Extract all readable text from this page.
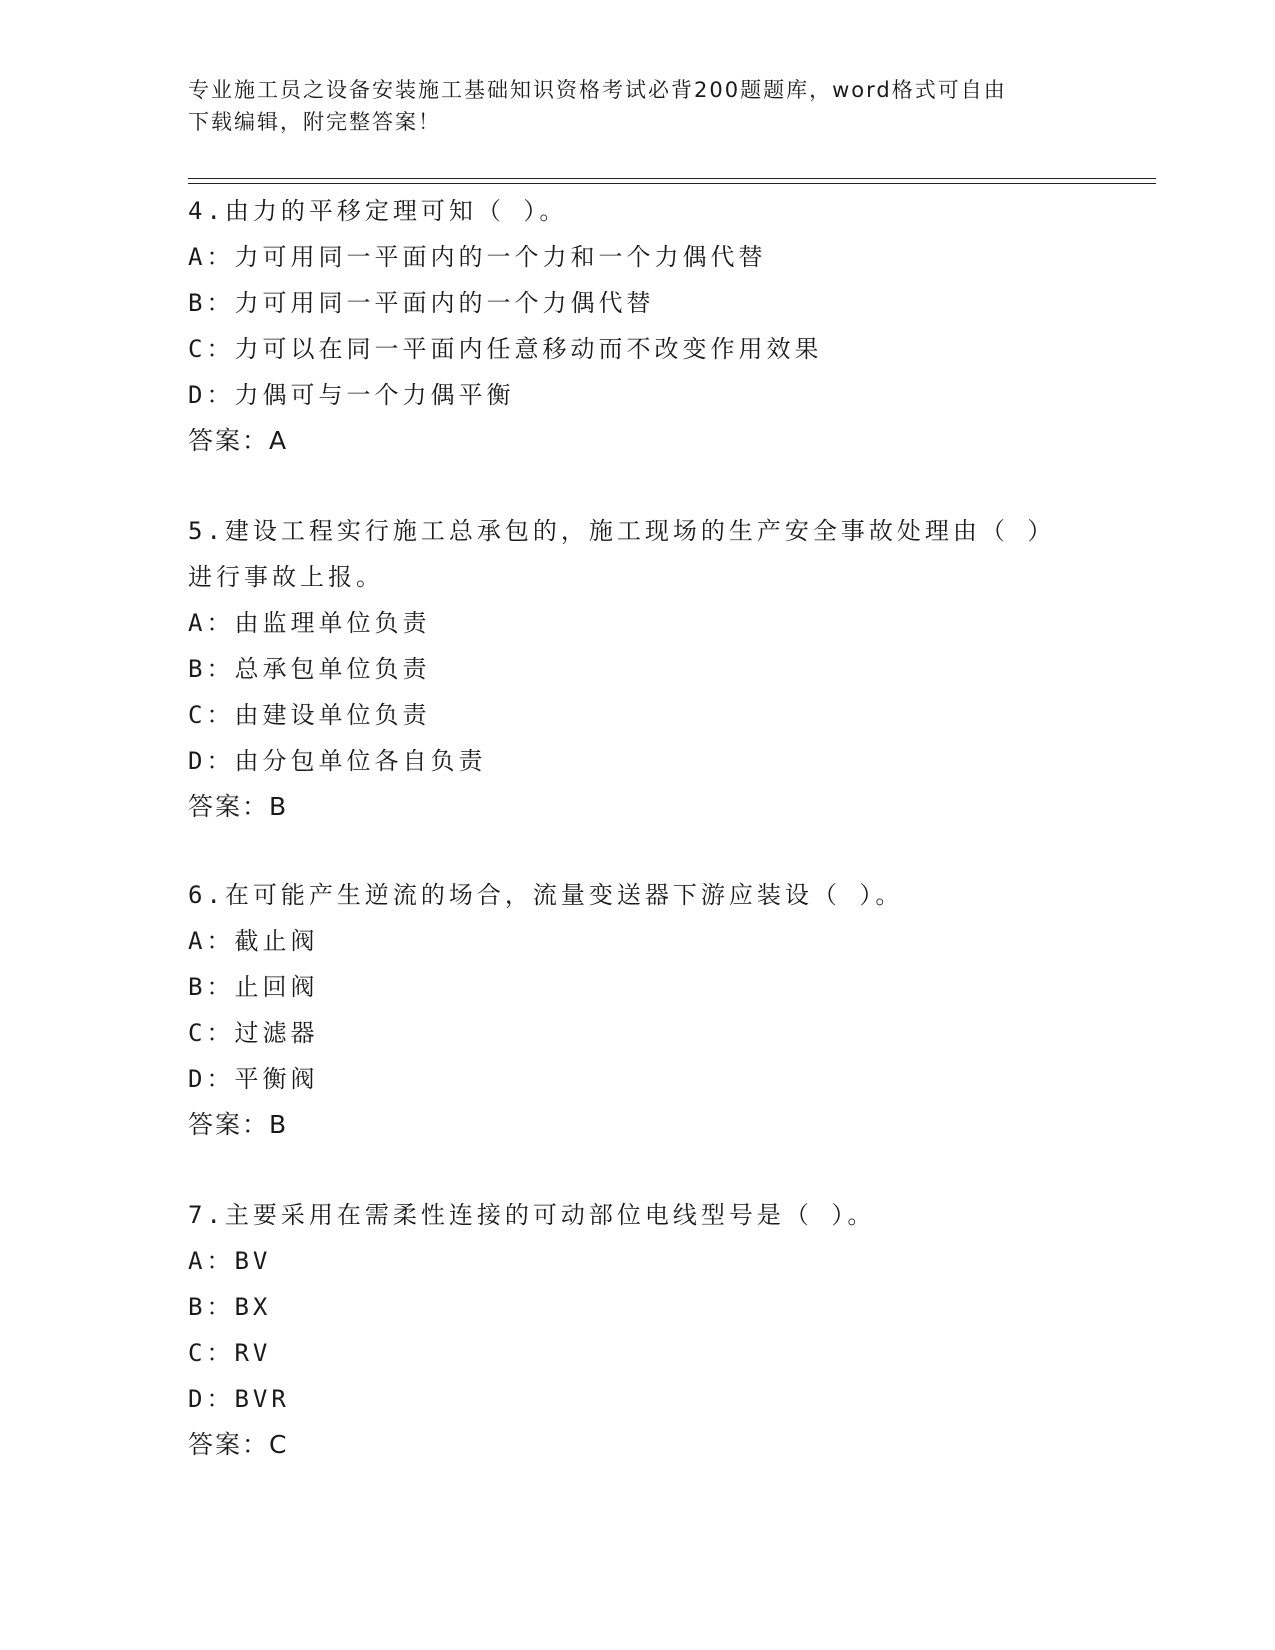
专业施工员之设备安装施工基础知识资格考试必背200题题库，word格式可自由
下载编辑，附完整答案！
4.由力的平移定理可知（ ）。
A：力可用同一平面内的一个力和一个力偶代替
B：力可用同一平面内的一个力偶代替
C：力可以在同一平面内任意移动而不改变作用效果
D：力偶可与一个力偶平衡
答案：A
5.建设工程实行施工总承包的，施工现场的生产安全事故处理由（ ）
进行事故上报。
A：由监理单位负责
B：总承包单位负责
C：由建设单位负责
D：由分包单位各自负责
答案：B
6.在可能产生逆流的场合，流量变送器下游应装设（ ）。
A：截止阀
B：止回阀
C：过滤器
D：平衡阀
答案：B
7.主要采用在需柔性连接的可动部位电线型号是（ ）。
A：BV
B：BX
C：RV
D：BVR
答案：C
